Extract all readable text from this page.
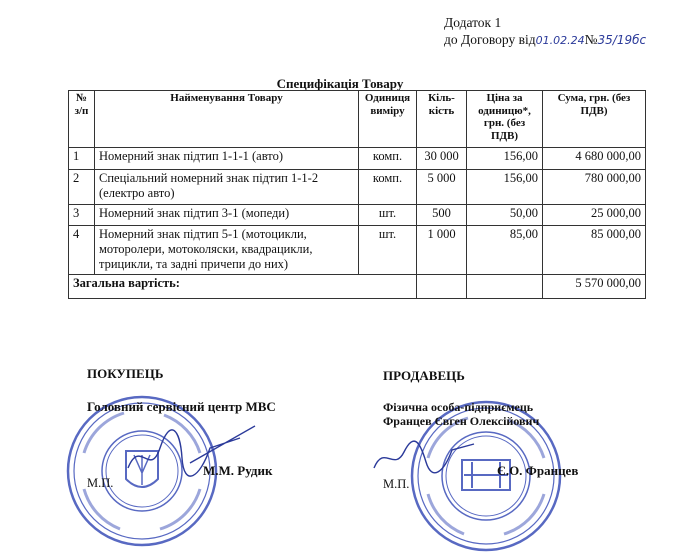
Додаток 1
до Договору від01.02.24№35/19бс
Специфікація Товару
№ з/п	Найменування Товару	Одиниця виміру	Кіль-кість	Ціна за одиницю*, грн. (без ПДВ)	Сума, грн. (без ПДВ)
1	Номерний знак підтип 1-1-1 (авто)	комп.	30 000	156,00	4 680 000,00
2	Спеціальний номерний знак підтип 1-1-2 (електро авто)	комп.	5 000	156,00	780 000,00
3	Номерний знак підтип 3-1 (мопеди)	шт.	500	50,00	25 000,00
4	Номерний знак підтип 5-1 (мотоцикли, моторолери, мотоколяски, квадрацикли, трицикли, та задні причепи до них)	шт.	1 000	85,00	85 000,00
Загальна вартість:					5 570 000,00
ПОКУПЕЦЬ
Головний сервісний центр МВС
М.М. Рудик
М.П.
ПРОДАВЕЦЬ
Фізична особа-підприємець
Францев Євген Олексійович
Є.О. Францев
М.П.
